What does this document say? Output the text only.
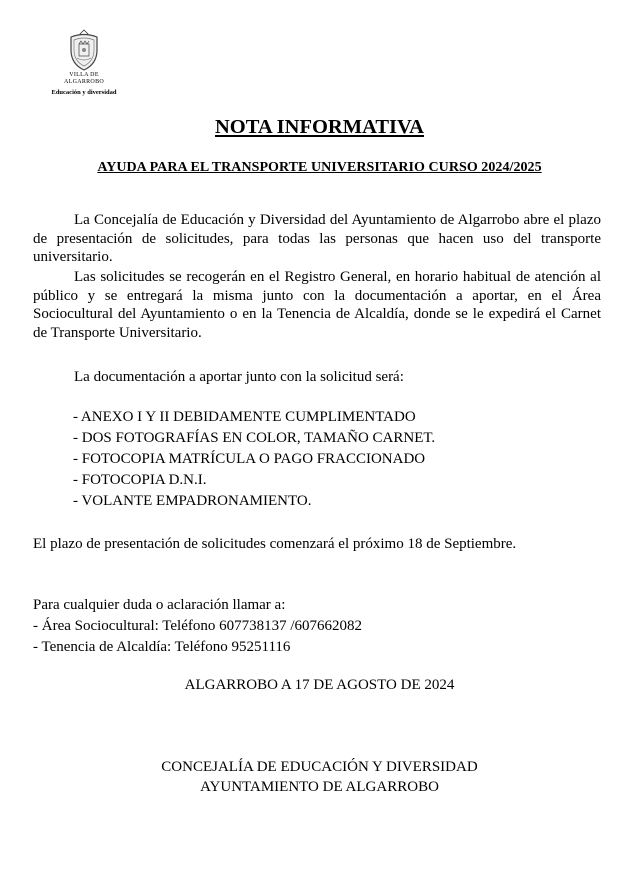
VILLA DE
ALGARROBO
Educación y diversidad
NOTA INFORMATIVA
AYUDA PARA EL TRANSPORTE UNIVERSITARIO CURSO 2024/2025
La Concejalía de Educación y Diversidad del Ayuntamiento de Algarrobo abre el plazo de presentación de solicitudes, para todas las personas que hacen uso del transporte universitario.
Las solicitudes se recogerán en el Registro General, en horario habitual de atención al público y se entregará la misma junto con la documentación a aportar, en el Área Sociocultural del Ayuntamiento o en la Tenencia de Alcaldía, donde se le expedirá el Carnet de Transporte Universitario.
La documentación a aportar junto con la solicitud será:
- ANEXO I Y II DEBIDAMENTE CUMPLIMENTADO
- DOS FOTOGRAFÍAS EN COLOR, TAMAÑO CARNET.
- FOTOCOPIA MATRÍCULA O PAGO FRACCIONADO
- FOTOCOPIA D.N.I.
- VOLANTE EMPADRONAMIENTO.
El plazo de presentación de solicitudes comenzará el próximo 18 de Septiembre.
Para cualquier duda o aclaración llamar a:
- Área Sociocultural: Teléfono 607738137 /607662082
- Tenencia de Alcaldía: Teléfono 95251116
ALGARROBO A 17 DE AGOSTO DE 2024
CONCEJALÍA DE EDUCACIÓN Y DIVERSIDAD
AYUNTAMIENTO DE ALGARROBO
